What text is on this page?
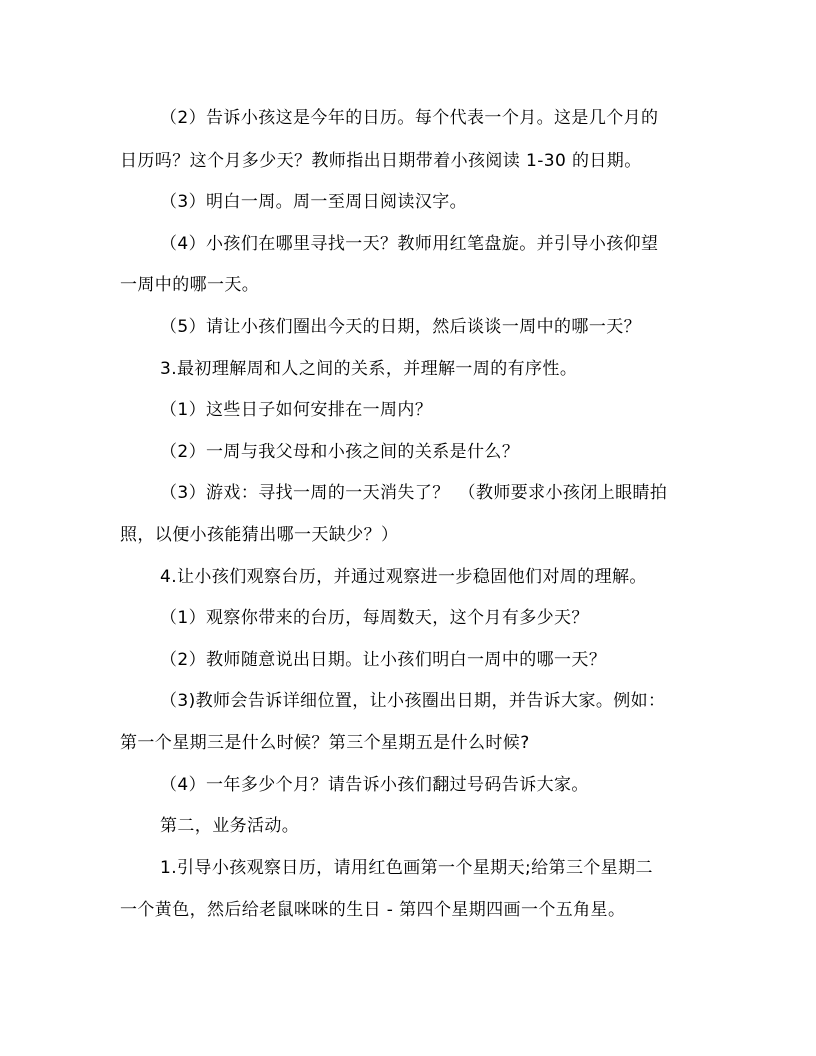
（2）告诉小孩这是今年的日历。每个代表一个月。这是几个月的
日历吗？这个月多少天？教师指出日期带着小孩阅读 1-30 的日期。
（3）明白一周。周一至周日阅读汉字。
（4）小孩们在哪里寻找一天？教师用红笔盘旋。并引导小孩仰望
一周中的哪一天。
（5）请让小孩们圈出今天的日期，然后谈谈一周中的哪一天？
3.最初理解周和人之间的关系，并理解一周的有序性。
（1）这些日子如何安排在一周内？
（2）一周与我父母和小孩之间的关系是什么？
（3）游戏：寻找一周的一天消失了？　（教师要求小孩闭上眼睛拍
照，以便小孩能猜出哪一天缺少？）
4.让小孩们观察台历，并通过观察进一步稳固他们对周的理解。
（1）观察你带来的台历，每周数天，这个月有多少天？
（2）教师随意说出日期。让小孩们明白一周中的哪一天？
（3)教师会告诉详细位置，让小孩圈出日期，并告诉大家。例如：
第一个星期三是什么时候？第三个星期五是什么时候?
（4）一年多少个月？请告诉小孩们翻过号码告诉大家。
第二，业务活动。
1.引导小孩观察日历，请用红色画第一个星期天;给第三个星期二
一个黄色，然后给老鼠咪咪的生日 - 第四个星期四画一个五角星。
